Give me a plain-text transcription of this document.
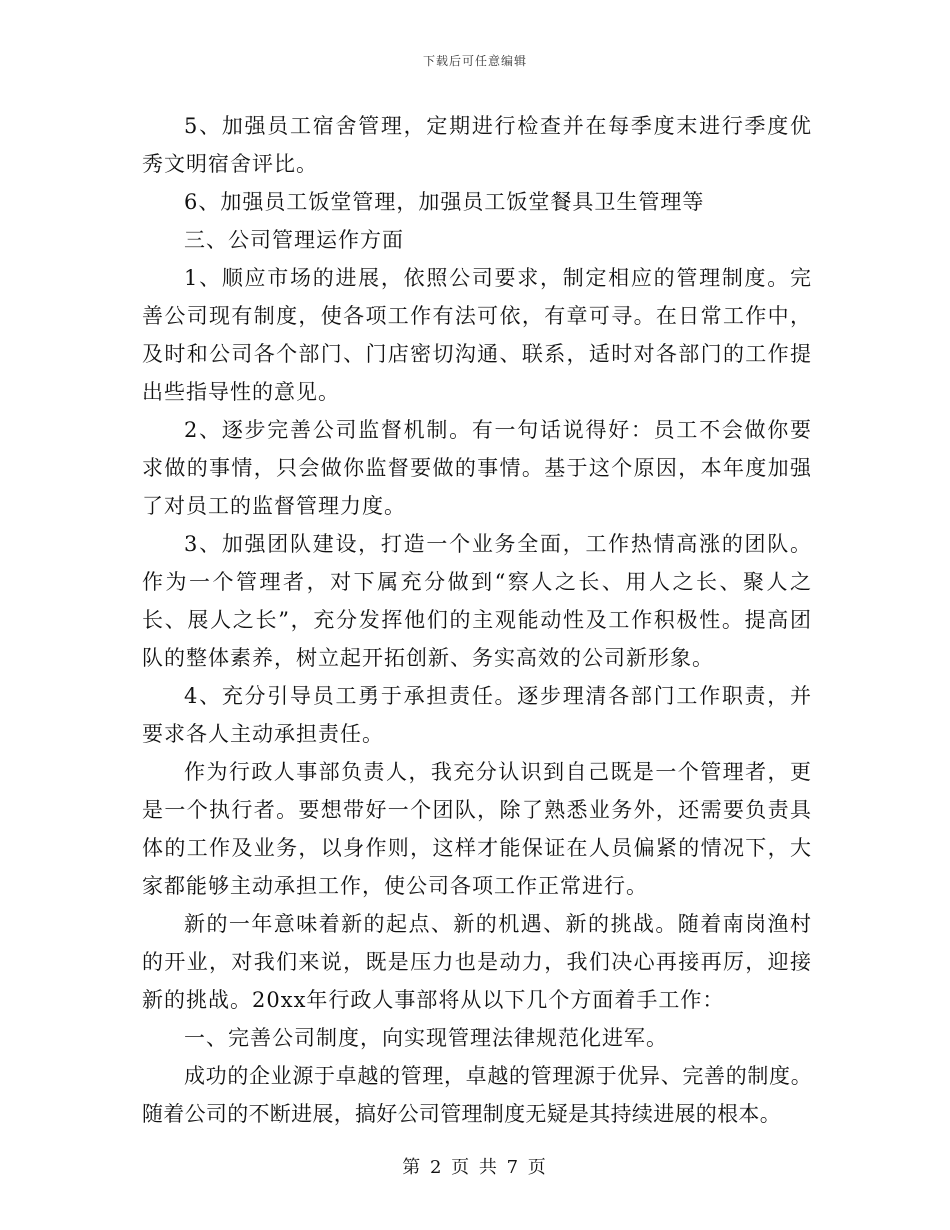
下载后可任意编辑

5、加强员工宿舍管理，定期进行检查并在每季度末进行季度优秀文明宿舍评比。

6、加强员工饭堂管理，加强员工饭堂餐具卫生管理等

三、公司管理运作方面

1、顺应市场的进展，依照公司要求，制定相应的管理制度。完善公司现有制度，使各项工作有法可依，有章可寻。在日常工作中，及时和公司各个部门、门店密切沟通、联系，适时对各部门的工作提出些指导性的意见。

2、逐步完善公司监督机制。有一句话说得好：员工不会做你要求做的事情，只会做你监督要做的事情。基于这个原因，本年度加强了对员工的监督管理力度。

3、加强团队建设，打造一个业务全面，工作热情高涨的团队。作为一个管理者，对下属充分做到“察人之长、用人之长、聚人之长、展人之长”，充分发挥他们的主观能动性及工作积极性。提高团队的整体素养，树立起开拓创新、务实高效的公司新形象。

4、充分引导员工勇于承担责任。逐步理清各部门工作职责，并要求各人主动承担责任。

作为行政人事部负责人，我充分认识到自己既是一个管理者，更是一个执行者。要想带好一个团队，除了熟悉业务外，还需要负责具体的工作及业务，以身作则，这样才能保证在人员偏紧的情况下，大家都能够主动承担工作，使公司各项工作正常进行。

新的一年意味着新的起点、新的机遇、新的挑战。随着南岗渔村的开业，对我们来说，既是压力也是动力，我们决心再接再厉，迎接新的挑战。20xx年行政人事部将从以下几个方面着手工作：

一、完善公司制度，向实现管理法律规范化进军。

成功的企业源于卓越的管理，卓越的管理源于优异、完善的制度。随着公司的不断进展，搞好公司管理制度无疑是其持续进展的根本。

第 2 页 共 7 页
